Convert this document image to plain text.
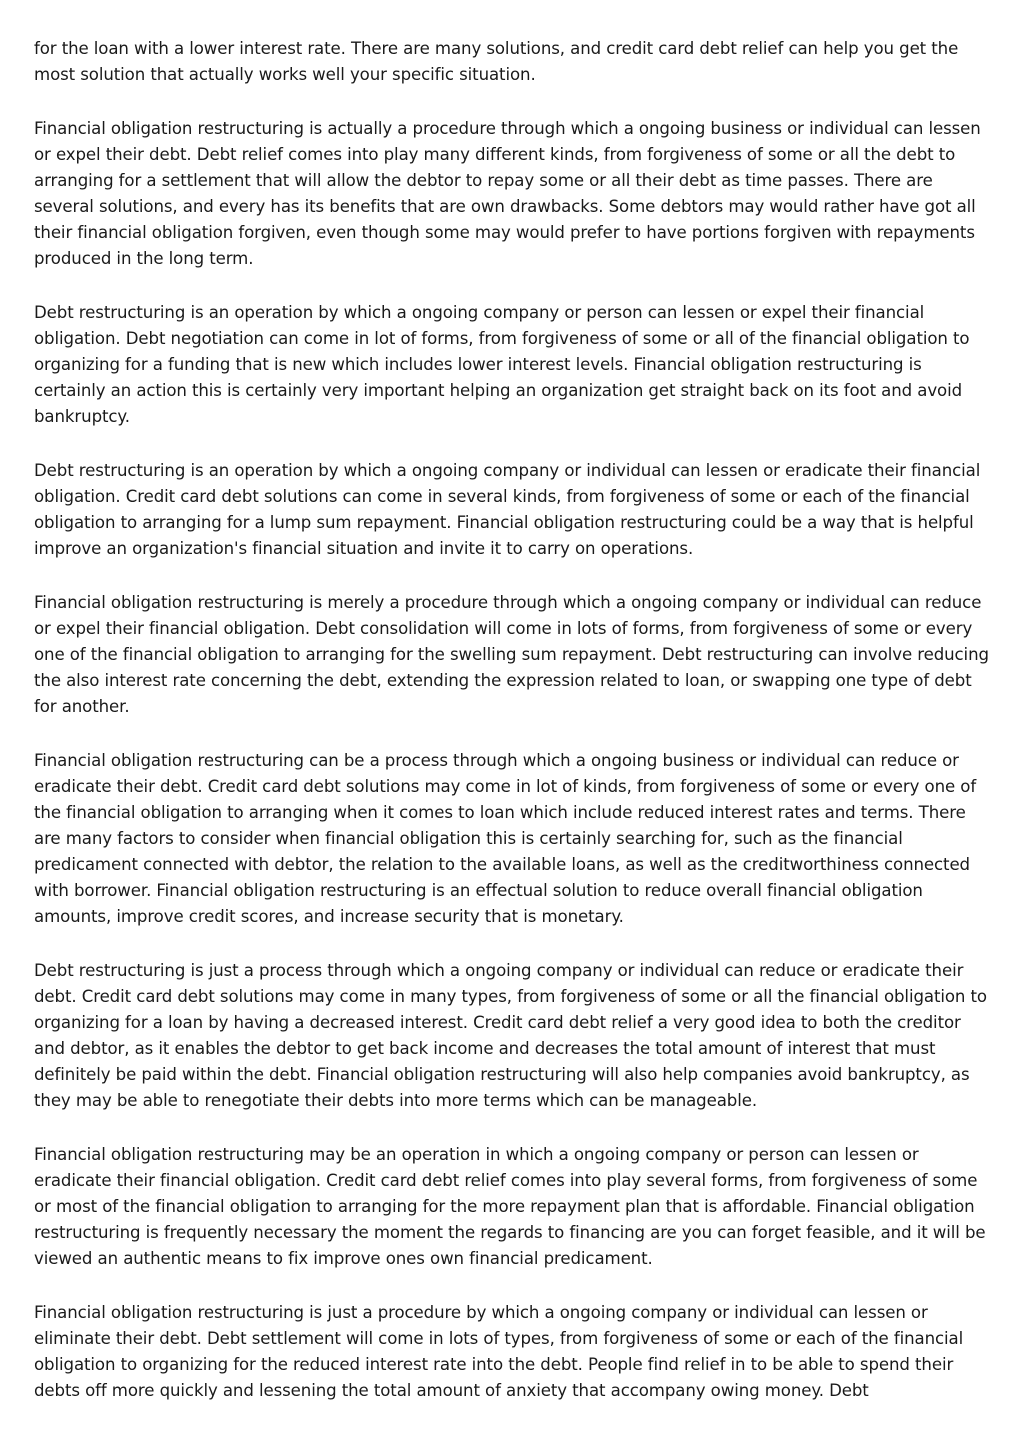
for the loan with a lower interest rate. There are many solutions, and credit card debt relief can help you get the most solution that actually works well your specific situation.

Financial obligation restructuring is actually a procedure through which a ongoing business or individual can lessen or expel their debt. Debt relief comes into play many different kinds, from forgiveness of some or all the debt to arranging for a settlement that will allow the debtor to repay some or all their debt as time passes. There are several solutions, and every has its benefits that are own drawbacks. Some debtors may would rather have got all their financial obligation forgiven, even though some may would prefer to have portions forgiven with repayments produced in the long term.

Debt restructuring is an operation by which a ongoing company or person can lessen or expel their financial obligation. Debt negotiation can come in lot of forms, from forgiveness of some or all of the financial obligation to organizing for a funding that is new which includes lower interest levels. Financial obligation restructuring is certainly an action this is certainly very important helping an organization get straight back on its foot and avoid bankruptcy.

Debt restructuring is an operation by which a ongoing company or individual can lessen or eradicate their financial obligation. Credit card debt solutions can come in several kinds, from forgiveness of some or each of the financial obligation to arranging for a lump sum repayment. Financial obligation restructuring could be a way that is helpful improve an organization's financial situation and invite it to carry on operations.

Financial obligation restructuring is merely a procedure through which a ongoing company or individual can reduce or expel their financial obligation. Debt consolidation will come in lots of forms, from forgiveness of some or every one of the financial obligation to arranging for the swelling sum repayment. Debt restructuring can involve reducing the also interest rate concerning the debt, extending the expression related to loan, or swapping one type of debt for another.

Financial obligation restructuring can be a process through which a ongoing business or individual can reduce or eradicate their debt. Credit card debt solutions may come in lot of kinds, from forgiveness of some or every one of the financial obligation to arranging when it comes to loan which include reduced interest rates and terms. There are many factors to consider when financial obligation this is certainly searching for, such as the financial predicament connected with debtor, the relation to the available loans, as well as the creditworthiness connected with borrower. Financial obligation restructuring is an effectual solution to reduce overall financial obligation amounts, improve credit scores, and increase security that is monetary.

Debt restructuring is just a process through which a ongoing company or individual can reduce or eradicate their debt. Credit card debt solutions may come in many types, from forgiveness of some or all the financial obligation to organizing for a loan by having a decreased interest. Credit card debt relief a very good idea to both the creditor and debtor, as it enables the debtor to get back income and decreases the total amount of interest that must definitely be paid within the debt. Financial obligation restructuring will also help companies avoid bankruptcy, as they may be able to renegotiate their debts into more terms which can be manageable.

Financial obligation restructuring may be an operation in which a ongoing company or person can lessen or eradicate their financial obligation. Credit card debt relief comes into play several forms, from forgiveness of some or most of the financial obligation to arranging for the more repayment plan that is affordable. Financial obligation restructuring is frequently necessary the moment the regards to financing are you can forget feasible, and it will be viewed an authentic means to fix improve ones own financial predicament.

Financial obligation restructuring is just a procedure by which a ongoing company or individual can lessen or eliminate their debt. Debt settlement will come in lots of types, from forgiveness of some or each of the financial obligation to organizing for the reduced interest rate into the debt. People find relief in to be able to spend their debts off more quickly and lessening the total amount of anxiety that accompany owing money. Debt
